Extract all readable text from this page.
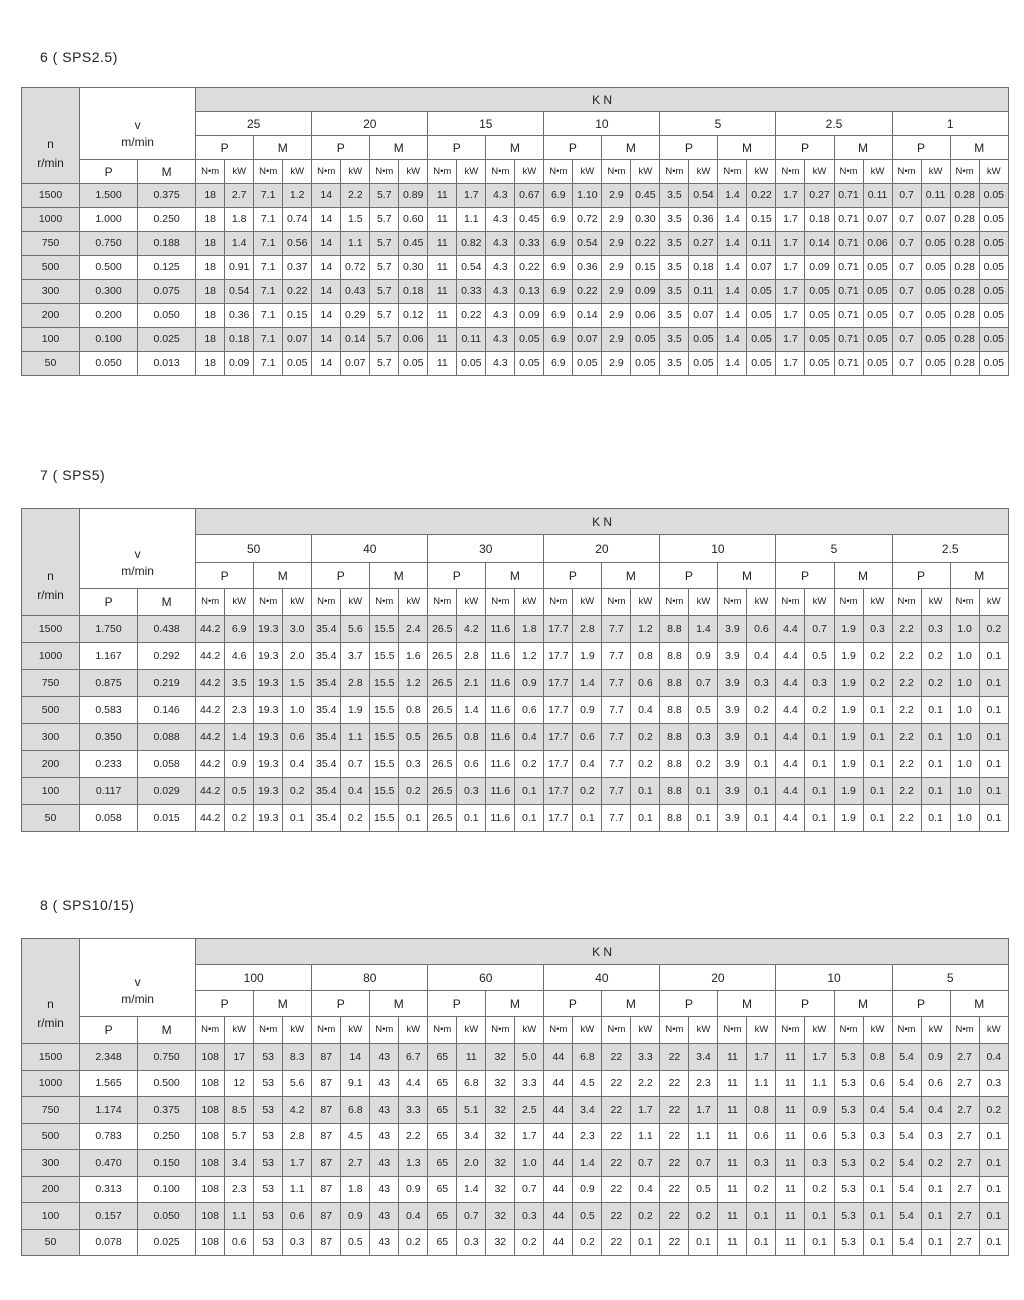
6 ( SPS2.5)
n
r/min	v
m/min		K N																											
			25				20				15				10				5				2.5				1			
			P		M		P		M		P		M		P		M		P		M		P		M		P		M	
	P	M	N•m	kW	N•m	kW	N•m	kW	N•m	kW	N•m	kW	N•m	kW	N•m	kW	N•m	kW	N•m	kW	N•m	kW	N•m	kW	N•m	kW	N•m	kW	N•m	kW
1500	1.500	0.375	18	2.7	7.1	1.2	14	2.2	5.7	0.89	11	1.7	4.3	0.67	6.9	1.10	2.9	0.45	3.5	0.54	1.4	0.22	1.7	0.27	0.71	0.11	0.7	0.11	0.28	0.05
1000	1.000	0.250	18	1.8	7.1	0.74	14	1.5	5.7	0.60	11	1.1	4.3	0.45	6.9	0.72	2.9	0.30	3.5	0.36	1.4	0.15	1.7	0.18	0.71	0.07	0.7	0.07	0.28	0.05
750	0.750	0.188	18	1.4	7.1	0.56	14	1.1	5.7	0.45	11	0.82	4.3	0.33	6.9	0.54	2.9	0.22	3.5	0.27	1.4	0.11	1.7	0.14	0.71	0.06	0.7	0.05	0.28	0.05
500	0.500	0.125	18	0.91	7.1	0.37	14	0.72	5.7	0.30	11	0.54	4.3	0.22	6.9	0.36	2.9	0.15	3.5	0.18	1.4	0.07	1.7	0.09	0.71	0.05	0.7	0.05	0.28	0.05
300	0.300	0.075	18	0.54	7.1	0.22	14	0.43	5.7	0.18	11	0.33	4.3	0.13	6.9	0.22	2.9	0.09	3.5	0.11	1.4	0.05	1.7	0.05	0.71	0.05	0.7	0.05	0.28	0.05
200	0.200	0.050	18	0.36	7.1	0.15	14	0.29	5.7	0.12	11	0.22	4.3	0.09	6.9	0.14	2.9	0.06	3.5	0.07	1.4	0.05	1.7	0.05	0.71	0.05	0.7	0.05	0.28	0.05
100	0.100	0.025	18	0.18	7.1	0.07	14	0.14	5.7	0.06	11	0.11	4.3	0.05	6.9	0.07	2.9	0.05	3.5	0.05	1.4	0.05	1.7	0.05	0.71	0.05	0.7	0.05	0.28	0.05
50	0.050	0.013	18	0.09	7.1	0.05	14	0.07	5.7	0.05	11	0.05	4.3	0.05	6.9	0.05	2.9	0.05	3.5	0.05	1.4	0.05	1.7	0.05	0.71	0.05	0.7	0.05	0.28	0.05
7 ( SPS5)
n
r/min	v
m/min		K N																											
			50				40				30				20				10				5				2.5			
			P		M		P		M		P		M		P		M		P		M		P		M		P		M	
	P	M	N•m	kW	N•m	kW	N•m	kW	N•m	kW	N•m	kW	N•m	kW	N•m	kW	N•m	kW	N•m	kW	N•m	kW	N•m	kW	N•m	kW	N•m	kW	N•m	kW
1500	1.750	0.438	44.2	6.9	19.3	3.0	35.4	5.6	15.5	2.4	26.5	4.2	11.6	1.8	17.7	2.8	7.7	1.2	8.8	1.4	3.9	0.6	4.4	0.7	1.9	0.3	2.2	0.3	1.0	0.2
1000	1.167	0.292	44.2	4.6	19.3	2.0	35.4	3.7	15.5	1.6	26.5	2.8	11.6	1.2	17.7	1.9	7.7	0.8	8.8	0.9	3.9	0.4	4.4	0.5	1.9	0.2	2.2	0.2	1.0	0.1
750	0.875	0.219	44.2	3.5	19.3	1.5	35.4	2.8	15.5	1.2	26.5	2.1	11.6	0.9	17.7	1.4	7.7	0.6	8.8	0.7	3.9	0.3	4.4	0.3	1.9	0.2	2.2	0.2	1.0	0.1
500	0.583	0.146	44.2	2.3	19.3	1.0	35.4	1.9	15.5	0.8	26.5	1.4	11.6	0.6	17.7	0.9	7.7	0.4	8.8	0.5	3.9	0.2	4.4	0.2	1.9	0.1	2.2	0.1	1.0	0.1
300	0.350	0.088	44.2	1.4	19.3	0.6	35.4	1.1	15.5	0.5	26.5	0.8	11.6	0.4	17.7	0.6	7.7	0.2	8.8	0.3	3.9	0.1	4.4	0.1	1.9	0.1	2.2	0.1	1.0	0.1
200	0.233	0.058	44.2	0.9	19.3	0.4	35.4	0.7	15.5	0.3	26.5	0.6	11.6	0.2	17.7	0.4	7.7	0.2	8.8	0.2	3.9	0.1	4.4	0.1	1.9	0.1	2.2	0.1	1.0	0.1
100	0.117	0.029	44.2	0.5	19.3	0.2	35.4	0.4	15.5	0.2	26.5	0.3	11.6	0.1	17.7	0.2	7.7	0.1	8.8	0.1	3.9	0.1	4.4	0.1	1.9	0.1	2.2	0.1	1.0	0.1
50	0.058	0.015	44.2	0.2	19.3	0.1	35.4	0.2	15.5	0.1	26.5	0.1	11.6	0.1	17.7	0.1	7.7	0.1	8.8	0.1	3.9	0.1	4.4	0.1	1.9	0.1	2.2	0.1	1.0	0.1
8 ( SPS10/15)
n
r/min	v
m/min		K N																											
			100				80				60				40				20				10				5			
			P		M		P		M		P		M		P		M		P		M		P		M		P		M	
	P	M	N•m	kW	N•m	kW	N•m	kW	N•m	kW	N•m	kW	N•m	kW	N•m	kW	N•m	kW	N•m	kW	N•m	kW	N•m	kW	N•m	kW	N•m	kW	N•m	kW
1500	2.348	0.750	108	17	53	8.3	87	14	43	6.7	65	11	32	5.0	44	6.8	22	3.3	22	3.4	11	1.7	11	1.7	5.3	0.8	5.4	0.9	2.7	0.4
1000	1.565	0.500	108	12	53	5.6	87	9.1	43	4.4	65	6.8	32	3.3	44	4.5	22	2.2	22	2.3	11	1.1	11	1.1	5.3	0.6	5.4	0.6	2.7	0.3
750	1.174	0.375	108	8.5	53	4.2	87	6.8	43	3.3	65	5.1	32	2.5	44	3.4	22	1.7	22	1.7	11	0.8	11	0.9	5.3	0.4	5.4	0.4	2.7	0.2
500	0.783	0.250	108	5.7	53	2.8	87	4.5	43	2.2	65	3.4	32	1.7	44	2.3	22	1.1	22	1.1	11	0.6	11	0.6	5.3	0.3	5.4	0.3	2.7	0.1
300	0.470	0.150	108	3.4	53	1.7	87	2.7	43	1.3	65	2.0	32	1.0	44	1.4	22	0.7	22	0.7	11	0.3	11	0.3	5.3	0.2	5.4	0.2	2.7	0.1
200	0.313	0.100	108	2.3	53	1.1	87	1.8	43	0.9	65	1.4	32	0.7	44	0.9	22	0.4	22	0.5	11	0.2	11	0.2	5.3	0.1	5.4	0.1	2.7	0.1
100	0.157	0.050	108	1.1	53	0.6	87	0.9	43	0.4	65	0.7	32	0.3	44	0.5	22	0.2	22	0.2	11	0.1	11	0.1	5.3	0.1	5.4	0.1	2.7	0.1
50	0.078	0.025	108	0.6	53	0.3	87	0.5	43	0.2	65	0.3	32	0.2	44	0.2	22	0.1	22	0.1	11	0.1	11	0.1	5.3	0.1	5.4	0.1	2.7	0.1
